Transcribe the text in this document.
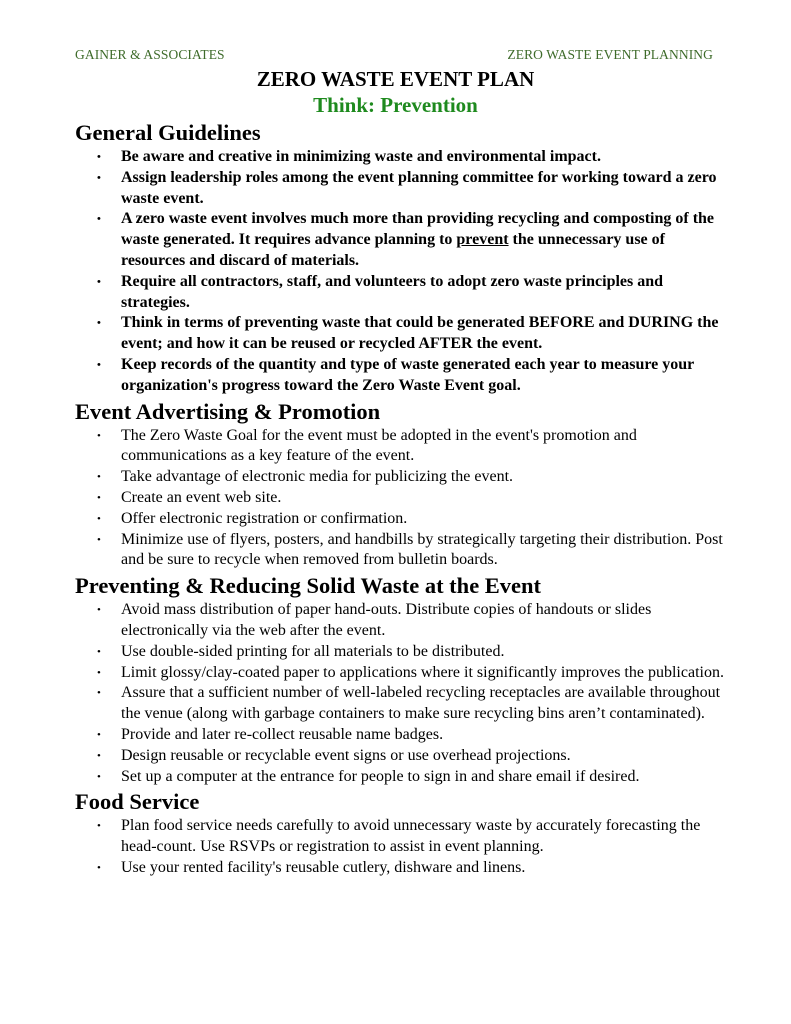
GAINER & ASSOCIATES	ZERO WASTE EVENT PLANNING
ZERO WASTE EVENT PLAN
Think: Prevention
General Guidelines
• Be aware and creative in minimizing waste and environmental impact.
• Assign leadership roles among the event planning committee for working toward a zero waste event.
• A zero waste event involves much more than providing recycling and composting of the waste generated. It requires advance planning to prevent the unnecessary use of resources and discard of materials.
• Require all contractors, staff, and volunteers to adopt zero waste principles and strategies.
• Think in terms of preventing waste that could be generated BEFORE and DURING the event; and how it can be reused or recycled AFTER the event.
• Keep records of the quantity and type of waste generated each year to measure your organization's progress toward the Zero Waste Event goal.
Event Advertising & Promotion
• The Zero Waste Goal for the event must be adopted in the event's promotion and communications as a key feature of the event.
• Take advantage of electronic media for publicizing the event.
• Create an event web site.
• Offer electronic registration or confirmation.
• Minimize use of flyers, posters, and handbills by strategically targeting their distribution. Post and be sure to recycle when removed from bulletin boards.
Preventing & Reducing Solid Waste at the Event
• Avoid mass distribution of paper hand-outs. Distribute copies of handouts or slides electronically via the web after the event.
• Use double-sided printing for all materials to be distributed.
• Limit glossy/clay-coated paper to applications where it significantly improves the publication.
• Assure that a sufficient number of well-labeled recycling receptacles are available throughout the venue (along with garbage containers to make sure recycling bins aren’t contaminated).
• Provide and later re-collect reusable name badges.
• Design reusable or recyclable event signs or use overhead projections.
• Set up a computer at the entrance for people to sign in and share email if desired.
Food Service
• Plan food service needs carefully to avoid unnecessary waste by accurately forecasting the head-count. Use RSVPs or registration to assist in event planning.
• Use your rented facility's reusable cutlery, dishware and linens.
